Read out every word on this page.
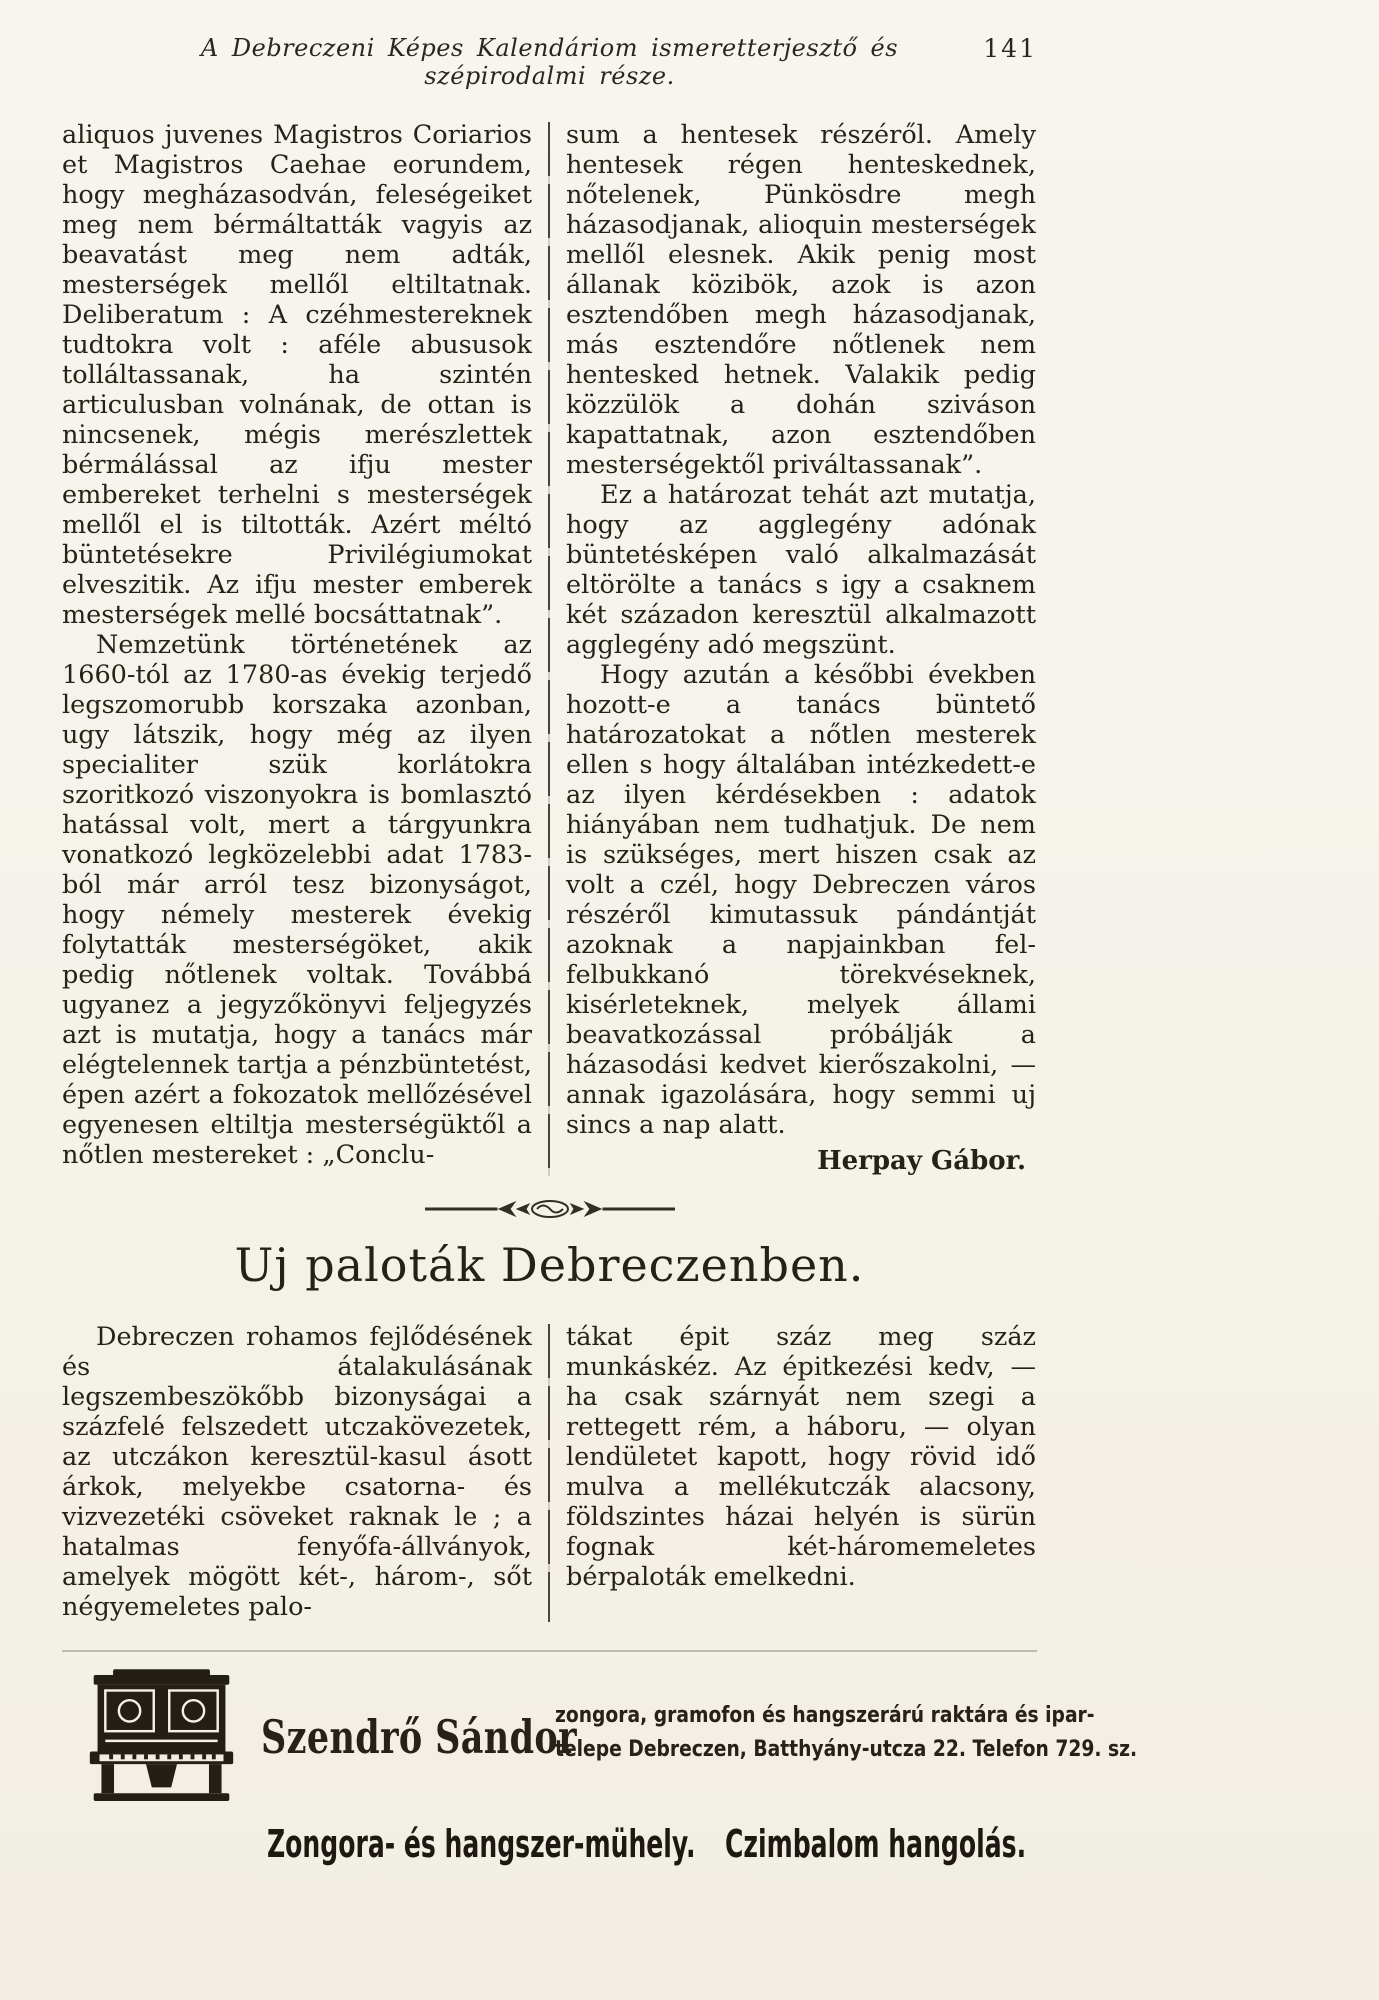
A Debreczeni Képes Kalendáriom ismeretterjesztő és szépirodalmi része.
141

aliquos juvenes Magistros Coriarios et Magistros Caehae eorundem, hogy megházasodván, feleségeiket meg nem bérmáltatták vagyis az beavatást meg nem adták, mesterségek mellől eltiltatnak. Deliberatum : A czéhmestereknek tudtokra volt : aféle abususok tolláltassanak, ha szintén articulusban volnának, de ottan is nincsenek, mégis merészlettek bérmálással az ifju mester embereket terhelni s mesterségek mellől el is tiltották. Azért méltó büntetésekre Privilégiumokat elveszitik. Az ifju mester emberek mesterségek mellé bocsáttatnak”.

Nemzetünk történetének az 1660-tól az 1780-as évekig terjedő legszomorubb korszaka azonban, ugy látszik, hogy még az ilyen specialiter szük korlátokra szoritkozó viszonyokra is bomlasztó hatással volt, mert a tárgyunkra vonatkozó legközelebbi adat 1783-ból már arról tesz bizonyságot, hogy némely mesterek évekig folytatták mesterségöket, akik pedig nőtlenek voltak. Továbbá ugyanez a jegyzőkönyvi feljegyzés azt is mutatja, hogy a tanács már elégtelennek tartja a pénzbüntetést, épen azért a fokozatok mellőzésével egyenesen eltiltja mesterségüktől a nőtlen mestereket : „Conclu-

sum a hentesek részéről. Amely hentesek régen henteskednek, nőtelenek, Pünkösdre megh házasodjanak, alioquin mesterségek mellől elesnek. Akik penig most állanak közibök, azok is azon esztendőben megh házasodjanak, más esztendőre nőtlenek nem hentesked hetnek. Valakik pedig közzülök a dohán sziváson kapattatnak, azon esztendőben mesterségektől priváltassanak”.

Ez a határozat tehát azt mutatja, hogy az agglegény adónak büntetésképen való alkalmazását eltörölte a tanács s igy a csaknem két századon keresztül alkalmazott agglegény adó megszünt.

Hogy azután a későbbi években hozott-e a tanács büntető határozatokat a nőtlen mesterek ellen s hogy általában intézkedett-e az ilyen kérdésekben : adatok hiányában nem tudhatjuk. De nem is szükséges, mert hiszen csak az volt a czél, hogy Debreczen város részéről kimutassuk pándántját azoknak a napjainkban fel-felbukkanó törekvéseknek, kisérleteknek, melyek állami beavatkozással próbálják a házasodási kedvet kierőszakolni, — annak igazolására, hogy semmi uj sincs a nap alatt.

Herpay Gábor.

Uj paloták Debreczenben.

Debreczen rohamos fejlődésének és átalakulásának legszembeszökőbb bizonyságai a százfelé felszedett utczakövezetek, az utczákon keresztül-kasul ásott árkok, melyekbe csatorna- és vizvezetéki csöveket raknak le ; a hatalmas fenyőfa-állványok, amelyek mögött két-, három-, sőt négyemeletes palo-

tákat épit száz meg száz munkáskéz. Az épitkezési kedv, — ha csak szárnyát nem szegi a rettegett rém, a háboru, — olyan lendületet kapott, hogy rövid idő mulva a mellékutczák alacsony, földszintes házai helyén is sürün fognak két-háromemeletes bérpaloták emelkedni.

Szendrő Sándor
zongora, gramofon és hangszerárú raktára és ipar-
telepe Debreczen, Batthyány-utcza 22. Telefon 729. sz.
Zongora- és hangszer-mühely. Czimbalom hangolás.
